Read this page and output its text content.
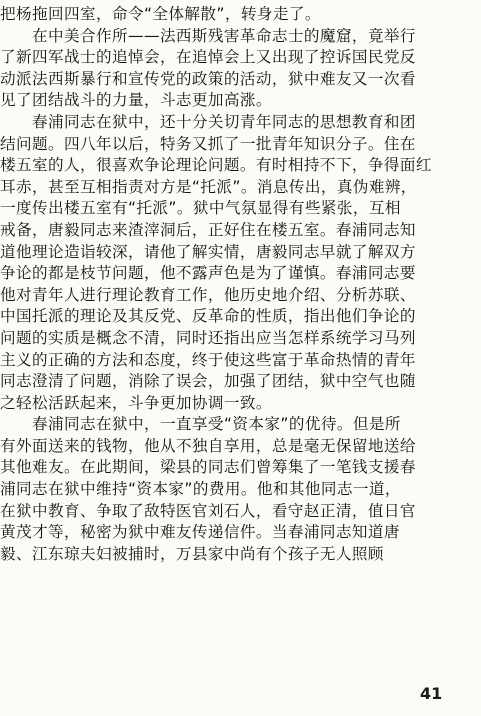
把杨拖回四室，命令“全体解散”，转身走了。
　　在中美合作所——法西斯残害革命志士的魔窟，竟举行
了新四军战士的追悼会，在追悼会上又出现了控诉国民党反
动派法西斯暴行和宣传党的政策的活动，狱中难友又一次看
见了团结战斗的力量，斗志更加高涨。
　　春浦同志在狱中，还十分关切青年同志的思想教育和团
结问题。四八年以后，特务又抓了一批青年知识分子。住在
楼五室的人，很喜欢争论理论问题。有时相持不下，争得面红
耳赤，甚至互相指责对方是“托派”。消息传出，真伪难辨，
一度传出楼五室有“托派”。狱中气氛显得有些紧张，互相
戒备，唐毅同志来渣滓洞后，正好住在楼五室。春浦同志知
道他理论造诣较深，请他了解实情，唐毅同志早就了解双方
争论的都是枝节问题，他不露声色是为了谨慎。春浦同志要
他对青年人进行理论教育工作，他历史地介绍、分析苏联、
中国托派的理论及其反党、反革命的性质，指出他们争论的
问题的实质是概念不清，同时还指出应当怎样系统学习马列
主义的正确的方法和态度，终于使这些富于革命热情的青年
同志澄清了问题，消除了误会，加强了团结，狱中空气也随
之轻松活跃起来，斗争更加协调一致。
　　春浦同志在狱中，一直享受“资本家”的优待。但是所
有外面送来的钱物，他从不独自享用，总是毫无保留地送给
其他难友。在此期间，梁县的同志们曾筹集了一笔钱支援春
浦同志在狱中维持“资本家”的费用。他和其他同志一道，
在狱中教育、争取了敌特医官刘石人，看守赵正清，值日官
黄茂才等，秘密为狱中难友传递信件。当春浦同志知道唐
毅、江东琼夫妇被捕时，万县家中尚有个孩子无人照顾
41
